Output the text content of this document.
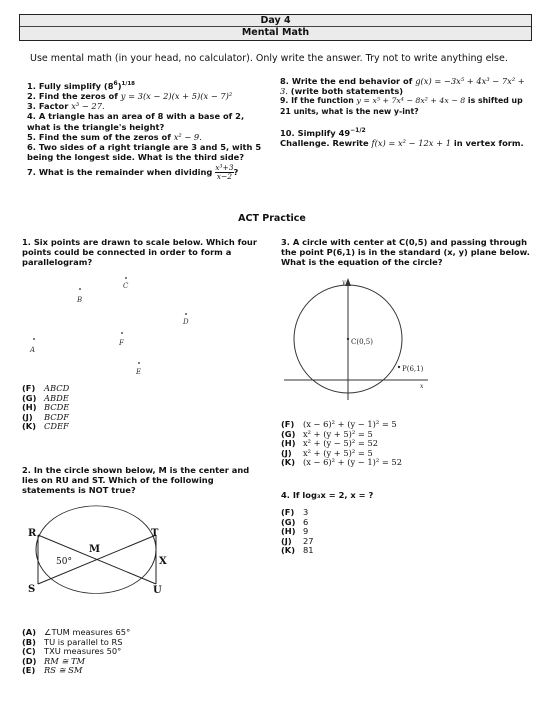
Day 4
Mental Math
Use mental math (in your head, no calculator). Only write the answer. Try not to write anything else.
1. Fully simplify $(8^6)^{1/18}$
2. Find the zeros of y = 3(x − 2)(x + 5)(x − 7)²
3. Factor x³ − 27.
4. A triangle has an area of 8 with a base of 2, what is the triangle's height?
5. Find the sum of the zeros of x² − 9.
6. Two sides of a right triangle are 3 and 5, with 5 being the longest side. What is the third side?
7. What is the remainder when dividing $\frac{\text{x³+3}}{x-2}$ ?
8. Write the end behavior of g(x) = −3x⁵ + 4x³ − 7x² + 3. (write both statements)
9. If the function y = x⁵ + 7x⁴ − 8x² + 4x − 8 is shifted up 21 units, what is the new y-int?
10. Simplify $49^{-1/2}$
Challenge. Rewrite f(x) = x² − 12x + 1 in vertex form.
ACT Practice
1. Six points are drawn to scale below. Which four points could be connected in order to form a parallelogram?
A
B
C
D
E
F
(F) ABCD
(G) ABDE
(H) BCDE
(J) BCDF
(K) CDEF
2. In the circle shown below, M is the center and lies on RU and ST. Which of the following statements is NOT true?
R	T
S	U
M
X
50°
(A) ∠TUM measures 65°
(B) TU is parallel to RS
(C) TXU measures 50°
(D) RM ≅ TM
(E) RS ≅ SM
3. A circle with center at C(0,5) and passing through the point P(6,1) is in the standard (x, y) plane below. What is the equation of the circle?
C(0,5)
P(6,1)
y
x
(F) (x − 6)² + (y − 1)² = 5
(G) x² + (y + 5)² = 5
(H) x² + (y − 5)² = 52
(J) x² + (y + 5)² = 5
(K) (x − 6)² + (y − 1)² = 52
4. If log₃x = 2, x = ?
(F) 3
(G) 6
(H) 9
(J) 27
(K) 81
